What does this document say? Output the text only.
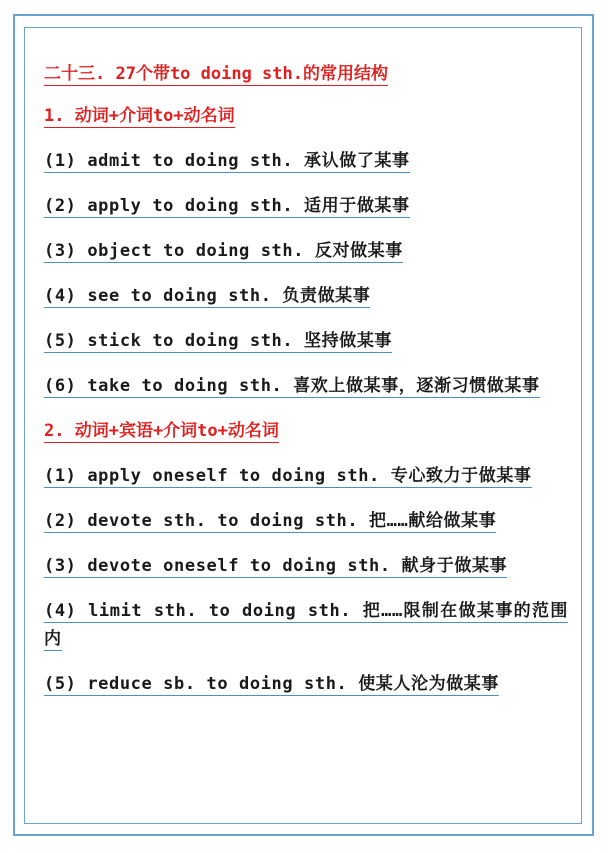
二十三. 27个带to doing sth.的常用结构
1. 动词+介词to+动名词
(1) admit to doing sth. 承认做了某事
(2) apply to doing sth. 适用于做某事
(3) object to doing sth. 反对做某事
(4) see to doing sth. 负责做某事
(5) stick to doing sth. 坚持做某事
(6) take to doing sth. 喜欢上做某事，逐渐习惯做某事
2. 动词+宾语+介词to+动名词
(1) apply oneself to doing sth. 专心致力于做某事
(2) devote sth. to doing sth. 把……献给做某事
(3) devote oneself to doing sth. 献身于做某事
(4) limit sth. to doing sth. 把……限制在做某事的范围内
(5) reduce sb. to doing sth. 使某人沦为做某事
